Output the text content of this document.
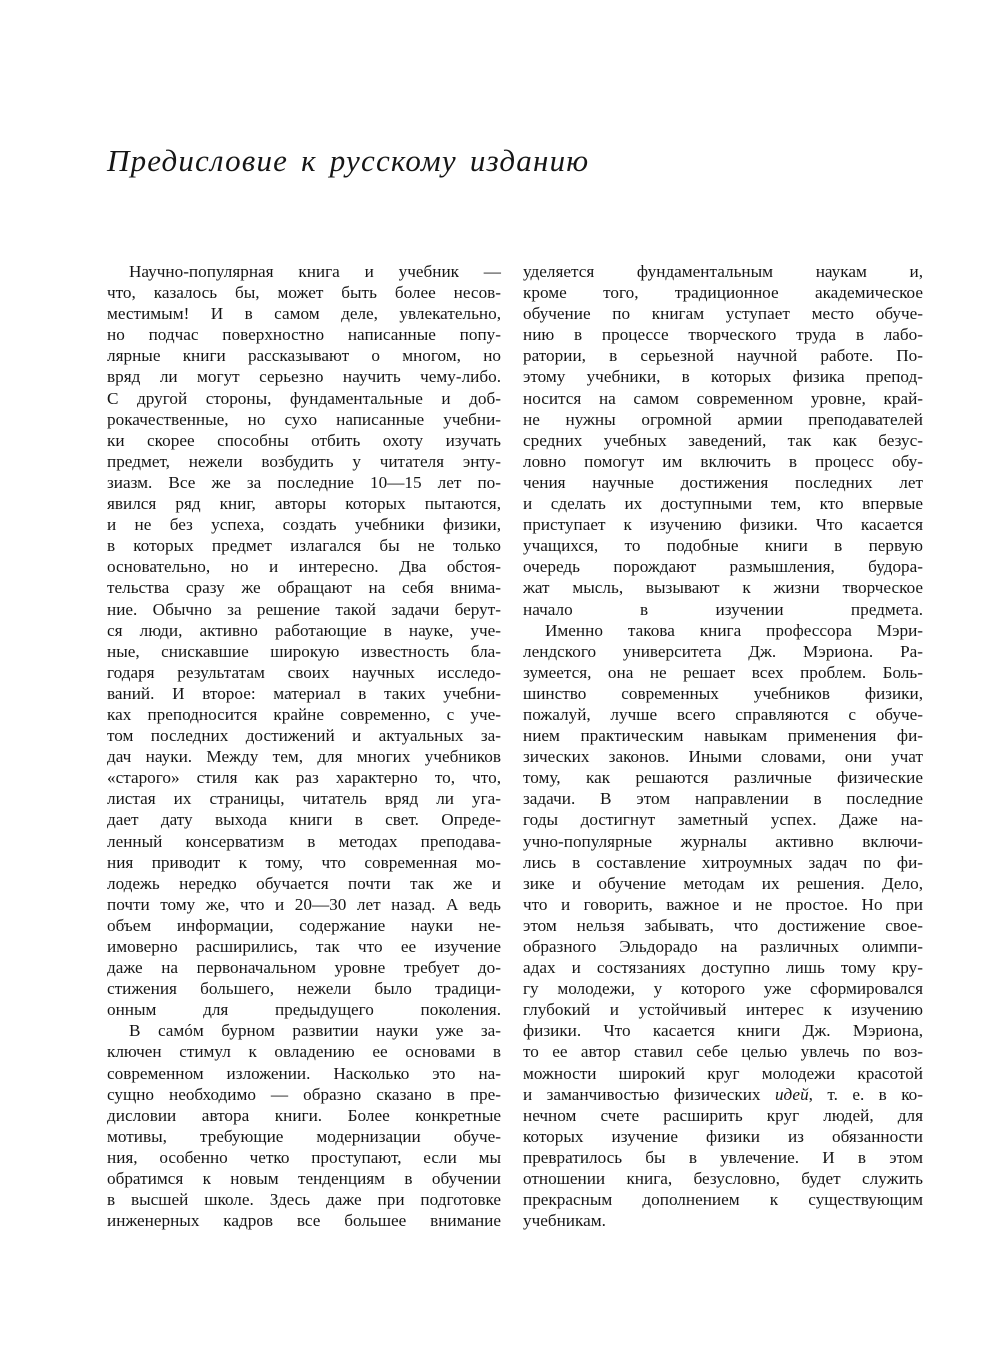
Предисловие к русскому изданию
Научно-популярная книга и учебник —
что, казалось бы, может быть более несов-
местимым! И в самом деле, увлекательно,
но подчас поверхностно написанные попу-
лярные книги рассказывают о многом, но
вряд ли могут серьезно научить чему-либо.
С другой стороны, фундаментальные и доб-
рокачественные, но сухо написанные учебни-
ки скорее способны отбить охоту изучать
предмет, нежели возбудить у читателя энту-
зиазм. Все же за последние 10—15 лет по-
явился ряд книг, авторы которых пытаются,
и не без успеха, создать учебники физики,
в которых предмет излагался бы не только
основательно, но и интересно. Два обстоя-
тельства сразу же обращают на себя внима-
ние. Обычно за решение такой задачи берут-
ся люди, активно работающие в науке, уче-
ные, снискавшие широкую известность бла-
годаря результатам своих научных исследо-
ваний. И второе: материал в таких учебни-
ках преподносится крайне современно, с уче-
том последних достижений и актуальных за-
дач науки. Между тем, для многих учебников
«старого» стиля как раз характерно то, что,
листая их страницы, читатель вряд ли уга-
дает дату выхода книги в свет. Опреде-
ленный консерватизм в методах преподава-
ния приводит к тому, что современная мо-
лодежь нередко обучается почти так же и
почти тому же, что и 20—30 лет назад. А ведь
объем информации, содержание науки не-
имоверно расширились, так что ее изучение
даже на первоначальном уровне требует до-
стижения большего, нежели было традици-
онным для предыдущего поколения.
В самóм бурном развитии науки уже за-
ключен стимул к овладению ее основами в
современном изложении. Насколько это на-
сущно необходимо — образно сказано в пре-
дисловии автора книги. Более конкретные
мотивы, требующие модернизации обуче-
ния, особенно четко проступают, если мы
обратимся к новым тенденциям в обучении
в высшей школе. Здесь даже при подготовке
инженерных кадров все большее внимание
уделяется фундаментальным наукам и,
кроме того, традиционное академическое
обучение по книгам уступает место обуче-
нию в процессе творческого труда в лабо-
ратории, в серьезной научной работе. По-
этому учебники, в которых физика препод-
носится на самом современном уровне, край-
не нужны огромной армии преподавателей
средних учебных заведений, так как безус-
ловно помогут им включить в процесс обу-
чения научные достижения последних лет
и сделать их доступными тем, кто впервые
приступает к изучению физики. Что касается
учащихся, то подобные книги в первую
очередь порождают размышления, будора-
жат мысль, вызывают к жизни творческое
начало в изучении предмета.
Именно такова книга профессора Мэри-
лендского университета Дж. Мэриона. Ра-
зумеется, она не решает всех проблем. Боль-
шинство современных учебников физики,
пожалуй, лучше всего справляются с обуче-
нием практическим навыкам применения фи-
зических законов. Иными словами, они учат
тому, как решаются различные физические
задачи. В этом направлении в последние
годы достигнут заметный успех. Даже на-
учно-популярные журналы активно включи-
лись в составление хитроумных задач по фи-
зике и обучение методам их решения. Дело,
что и говорить, важное и не простое. Но при
этом нельзя забывать, что достижение свое-
образного Эльдорадо на различных олимпи-
адах и состязаниях доступно лишь тому кру-
гу молодежи, у которого уже сформировался
глубокий и устойчивый интерес к изучению
физики. Что касается книги Дж. Мэриона,
то ее автор ставил себе целью увлечь по воз-
можности широкий круг молодежи красотой
и заманчивостью физических идей, т. е. в ко-
нечном счете расширить круг людей, для
которых изучение физики из обязанности
превратилось бы в увлечение. И в этом
отношении книга, безусловно, будет служить
прекрасным дополнением к существующим
учебникам.
